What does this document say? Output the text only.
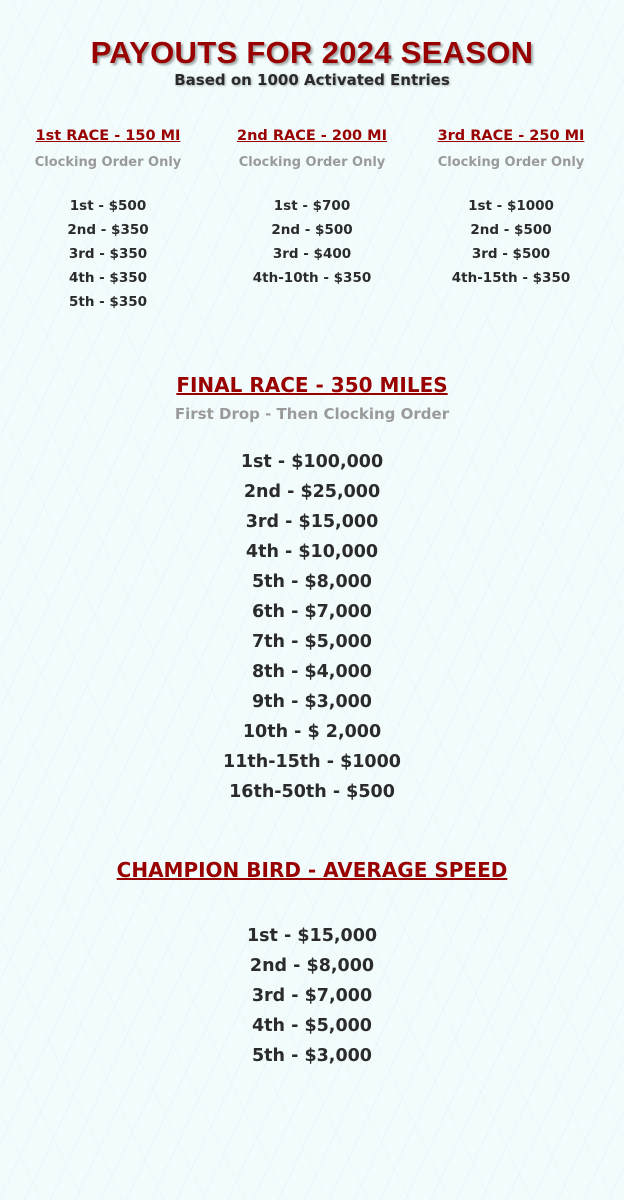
PAYOUTS FOR 2024 SEASON
Based on 1000 Activated Entries
1st RACE - 150 MI
Clocking Order Only
1st - $500
2nd - $350
3rd - $350
4th - $350
5th - $350
2nd RACE - 200 MI
Clocking Order Only
1st - $700
2nd - $500
3rd - $400
4th-10th - $350
3rd RACE - 250 MI
Clocking Order Only
1st - $1000
2nd - $500
3rd - $500
4th-15th - $350
FINAL RACE - 350 MILES
First Drop - Then Clocking Order
1st - $100,000
2nd - $25,000
3rd - $15,000
4th - $10,000
5th - $8,000
6th - $7,000
7th - $5,000
8th - $4,000
9th - $3,000
10th - $ 2,000
11th-15th - $1000
16th-50th - $500
CHAMPION BIRD - AVERAGE SPEED
1st - $15,000
2nd - $8,000
3rd - $7,000
4th - $5,000
5th - $3,000
